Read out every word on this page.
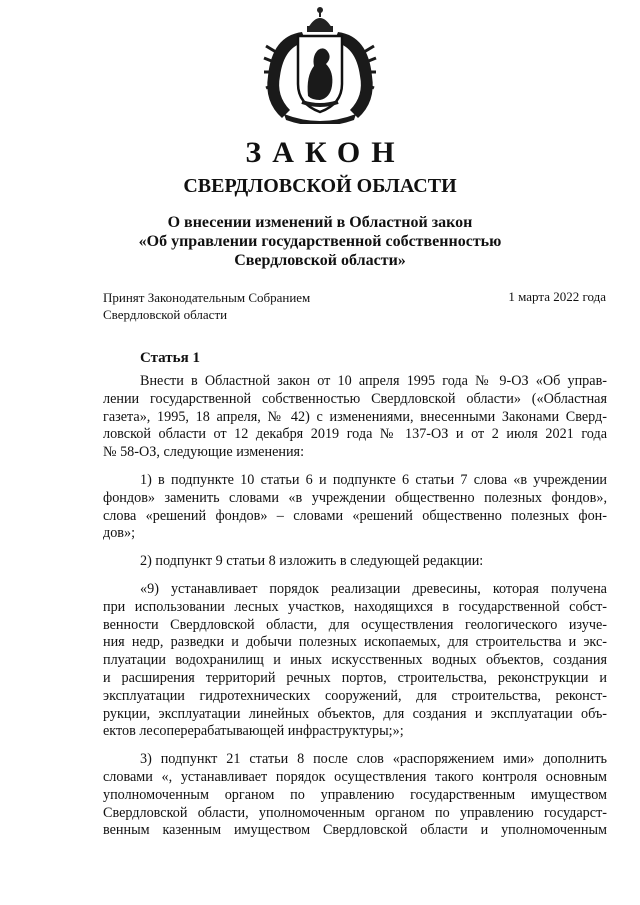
ЗАКОН
СВЕРДЛОВСКОЙ ОБЛАСТИ
О внесении изменений в Областной закон
«Об управлении государственной собственностью
Свердловской области»
Принят Законодательным Собранием
Свердловской области
1 марта 2022 года
Статья 1

Внести в Областной закон от 10 апреля 1995 года № 9-ОЗ «Об управ-
лении государственной собственностью Свердловской области» («Областная
газета», 1995, 18 апреля, № 42) с изменениями, внесенными Законами Сверд-
ловской области от 12 декабря 2019 года № 137-ОЗ и от 2 июля 2021 года
№ 58-ОЗ, следующие изменения:

1) в подпункте 10 статьи 6 и подпункте 6 статьи 7 слова «в учреждении
фондов» заменить словами «в учреждении общественно полезных фондов»,
слова «решений фондов» – словами «решений общественно полезных фон-
дов»;

2) подпункт 9 статьи 8 изложить в следующей редакции:

«9) устанавливает порядок реализации древесины, которая получена
при использовании лесных участков, находящихся в государственной собст-
венности Свердловской области, для осуществления геологического изуче-
ния недр, разведки и добычи полезных ископаемых, для строительства и экс-
плуатации водохранилищ и иных искусственных водных объектов, создания
и расширения территорий речных портов, строительства, реконструкции и
эксплуатации гидротехнических сооружений, для строительства, реконст-
рукции, эксплуатации линейных объектов, для создания и эксплуатации объ-
ектов лесоперерабатывающей инфраструктуры;»;

3) подпункт 21 статьи 8 после слов «распоряжением ими» дополнить
словами «, устанавливает порядок осуществления такого контроля основным
уполномоченным органом по управлению государственным имуществом
Свердловской области, уполномоченным органом по управлению государст-
венным казенным имуществом Свердловской области и уполномоченным
